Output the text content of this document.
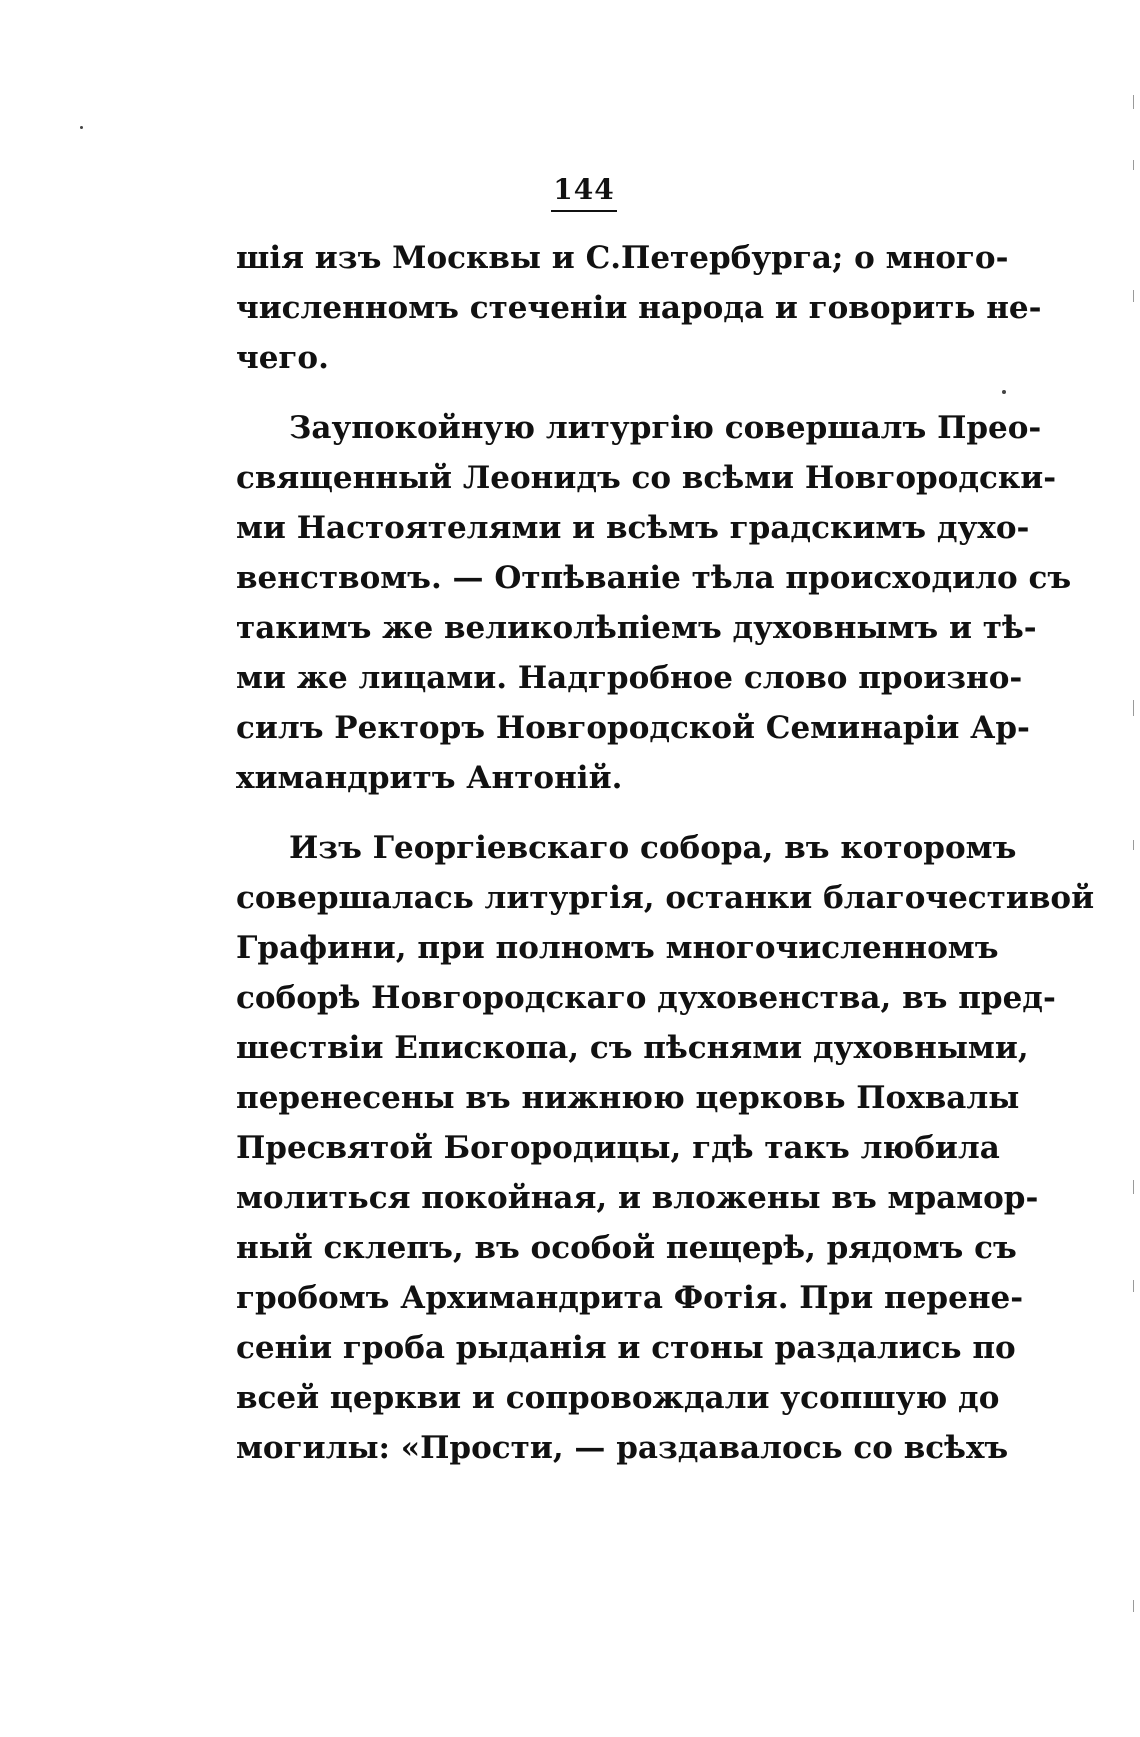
144
шія изъ Москвы и С.Петербурга; о много-
численномъ стеченіи народа и говорить не-
чего.
Заупокойную литургію совершалъ Прео-
священный Леонидъ со всѣми Новгородски-
ми Настоятелями и всѣмъ градскимъ духо-
венствомъ. — Отпѣваніе тѣла происходило съ
такимъ же великолѣпіемъ духовнымъ и тѣ-
ми же лицами. Надгробное слово произно-
силъ Ректоръ Новгородской Семинаріи Ар-
химандритъ Антоній.
Изъ Георгіевскаго собора, въ которомъ
совершалась литургія, останки благочестивой
Графини, при полномъ многочисленномъ
соборѣ Новгородскаго духовенства, въ пред-
шествіи Епископа, съ пѣснями духовными,
перенесены въ нижнюю церковь Похвалы
Пресвятой Богородицы, гдѣ такъ любила
молиться покойная, и вложены въ мрамор-
ный склепъ, въ особой пещерѣ, рядомъ съ
гробомъ Архимандрита Фотія. При перене-
сеніи гроба рыданія и стоны раздались по
всей церкви и сопровождали усопшую до
могилы: «Прости, — раздавалось со всѣхъ
